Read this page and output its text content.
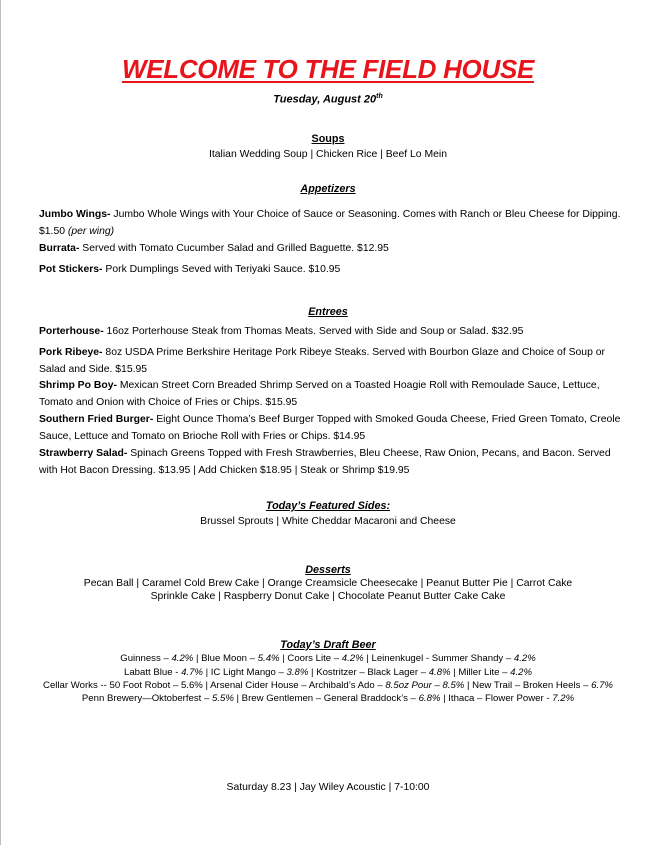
WELCOME TO THE FIELD HOUSE
Tuesday, August 20th
Soups
Italian Wedding Soup | Chicken Rice | Beef Lo Mein
Appetizers
Jumbo Wings- Jumbo Whole Wings with Your Choice of Sauce or Seasoning. Comes with Ranch or Bleu Cheese for Dipping. $1.50 (per wing)
Burrata- Served with Tomato Cucumber Salad and Grilled Baguette. $12.95
Pot Stickers- Pork Dumplings Seved with Teriyaki Sauce. $10.95
Entrees
Porterhouse- 16oz Porterhouse Steak from Thomas Meats. Served with Side and Soup or Salad. $32.95
Pork Ribeye- 8oz USDA Prime Berkshire Heritage Pork Ribeye Steaks. Served with Bourbon Glaze and Choice of Soup or Salad and Side. $15.95
Shrimp Po Boy- Mexican Street Corn Breaded Shrimp Served on a Toasted Hoagie Roll with Remoulade Sauce, Lettuce, Tomato and Onion with Choice of Fries or Chips. $15.95
Southern Fried Burger- Eight Ounce Thoma’s Beef Burger Topped with Smoked Gouda Cheese, Fried Green Tomato, Creole Sauce, Lettuce and Tomato on Brioche Roll with Fries or Chips. $14.95
Strawberry Salad- Spinach Greens Topped with Fresh Strawberries, Bleu Cheese, Raw Onion, Pecans, and Bacon. Served with Hot Bacon Dressing. $13.95 | Add Chicken $18.95 | Steak or Shrimp $19.95
Today’s Featured Sides:
Brussel Sprouts | White Cheddar Macaroni and Cheese
Desserts
Pecan Ball | Caramel Cold Brew Cake | Orange Creamsicle Cheesecake | Peanut Butter Pie | Carrot Cake
Sprinkle Cake | Raspberry Donut Cake | Chocolate Peanut Butter Cake Cake
Today’s Draft Beer
Guinness – 4.2% | Blue Moon – 5.4% | Coors Lite – 4.2% | Leinenkugel - Summer Shandy – 4.2%
Labatt Blue - 4.7% | IC Light Mango – 3.8% | Kostritzer – Black Lager – 4.8% | Miller Lite – 4.2%
Cellar Works -- 50 Foot Robot – 5.6% | Arsenal Cider House – Archibald’s Ado – 8.5oz Pour – 8.5% | New Trail – Broken Heels – 6.7%
Penn Brewery—Oktoberfest – 5.5% | Brew Gentlemen – General Braddock’s – 6.8% | Ithaca – Flower Power - 7.2%
Saturday 8.23 | Jay Wiley Acoustic | 7-10:00
